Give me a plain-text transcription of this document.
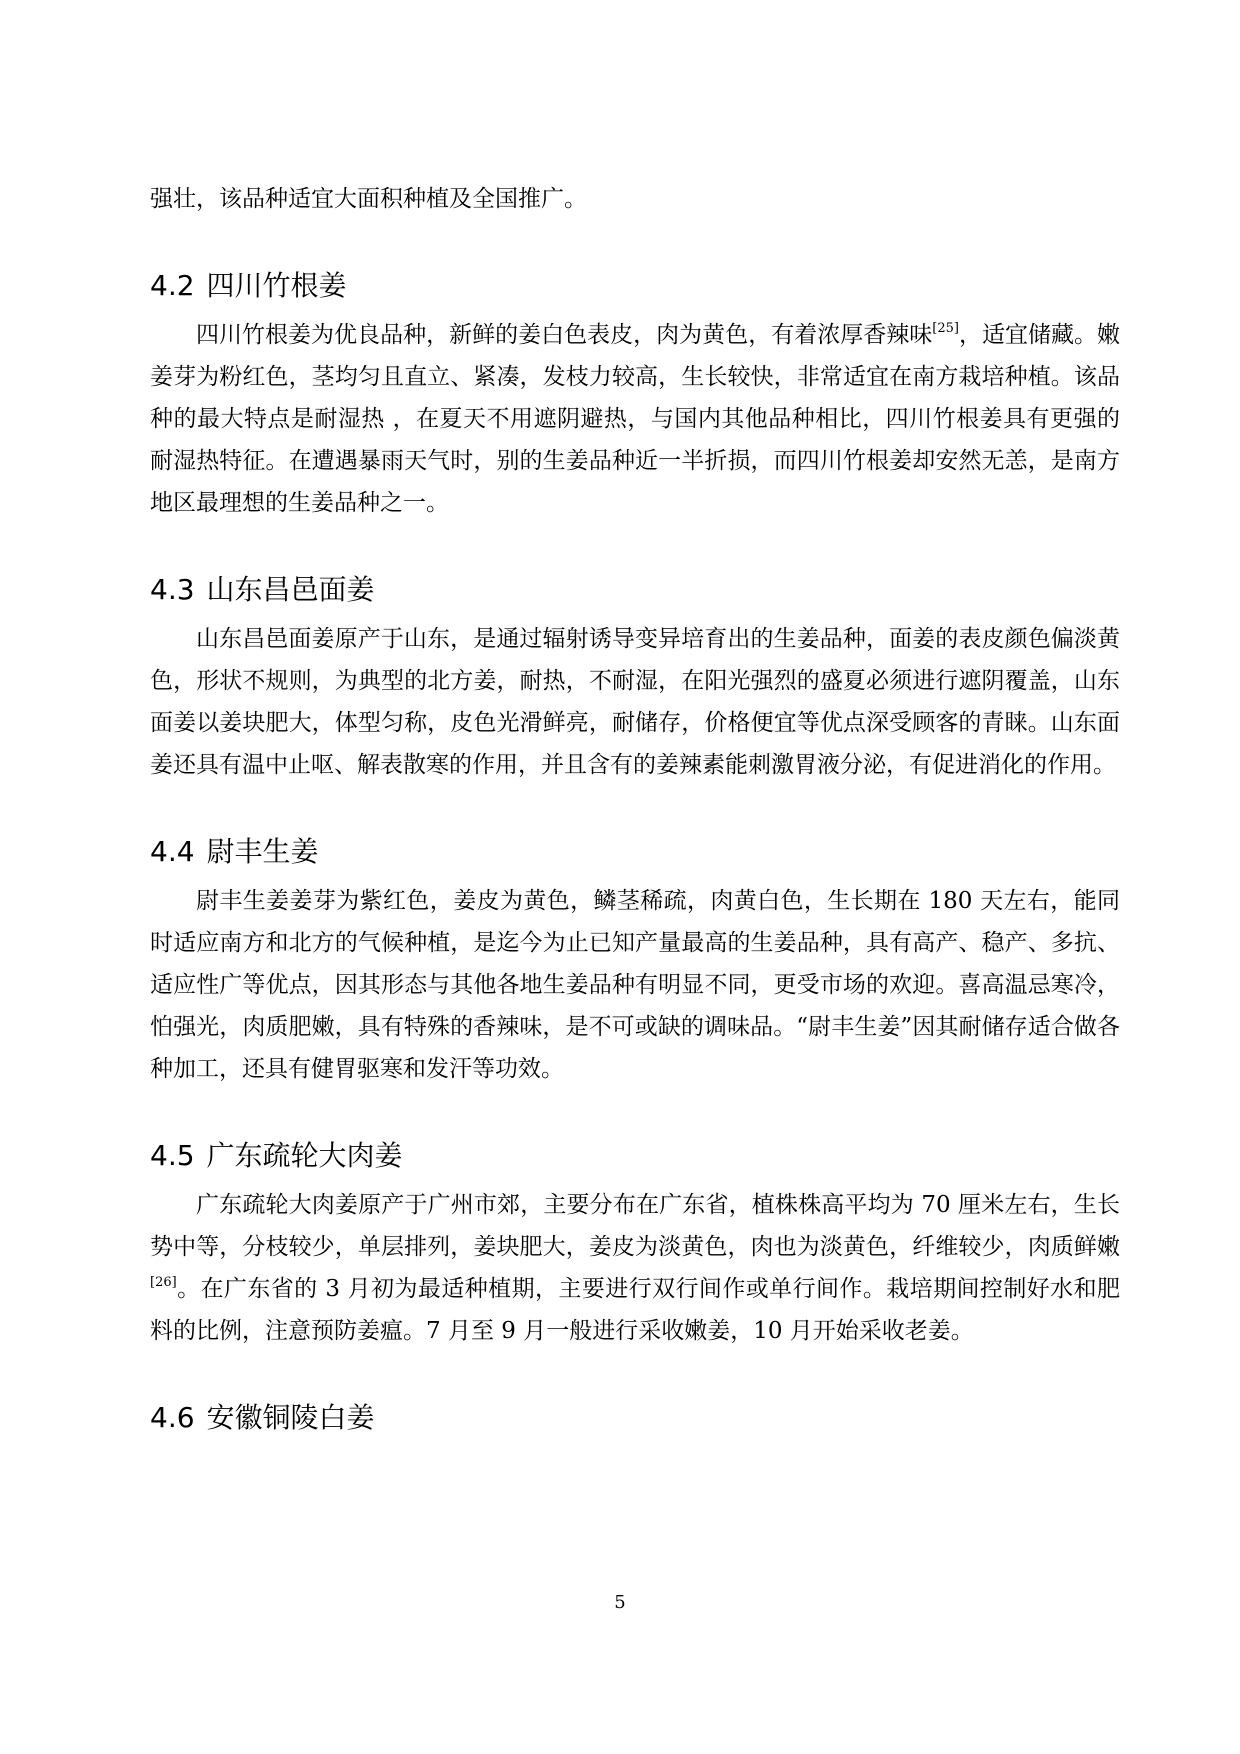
强壮，该品种适宜大面积种植及全国推广。

4.2 四川竹根姜

四川竹根姜为优良品种，新鲜的姜白色表皮，肉为黄色，有着浓厚香辣味[25]，适宜储藏。嫩姜芽为粉红色，茎均匀且直立、紧凑，发枝力较高，生长较快，非常适宜在南方栽培种植。该品种的最大特点是耐湿热 ，在夏天不用遮阴避热，与国内其他品种相比，四川竹根姜具有更强的耐湿热特征。在遭遇暴雨天气时，别的生姜品种近一半折损，而四川竹根姜却安然无恙，是南方地区最理想的生姜品种之一。

4.3 山东昌邑面姜

山东昌邑面姜原产于山东，是通过辐射诱导变异培育出的生姜品种，面姜的表皮颜色偏淡黄色，形状不规则，为典型的北方姜，耐热，不耐湿，在阳光强烈的盛夏必须进行遮阴覆盖，山东面姜以姜块肥大，体型匀称，皮色光滑鲜亮，耐储存，价格便宜等优点深受顾客的青睐。山东面姜还具有温中止呕、解表散寒的作用，并且含有的姜辣素能刺激胃液分泌，有促进消化的作用。

4.4 尉丰生姜

尉丰生姜姜芽为紫红色，姜皮为黄色，鳞茎稀疏，肉黄白色，生长期在 180 天左右，能同时适应南方和北方的气候种植，是迄今为止已知产量最高的生姜品种，具有高产、稳产、多抗、适应性广等优点，因其形态与其他各地生姜品种有明显不同，更受市场的欢迎。喜高温忌寒冷，怕强光，肉质肥嫩，具有特殊的香辣味，是不可或缺的调味品。“尉丰生姜”因其耐储存适合做各种加工，还具有健胃驱寒和发汗等功效。

4.5 广东疏轮大肉姜

广东疏轮大肉姜原产于广州市郊，主要分布在广东省，植株株高平均为 70 厘米左右，生长势中等，分枝较少，单层排列，姜块肥大，姜皮为淡黄色，肉也为淡黄色，纤维较少，肉质鲜嫩[26]。在广东省的 3 月初为最适种植期，主要进行双行间作或单行间作。栽培期间控制好水和肥料的比例，注意预防姜瘟。7 月至 9 月一般进行采收嫩姜，10 月开始采收老姜。

4.6 安徽铜陵白姜
5
